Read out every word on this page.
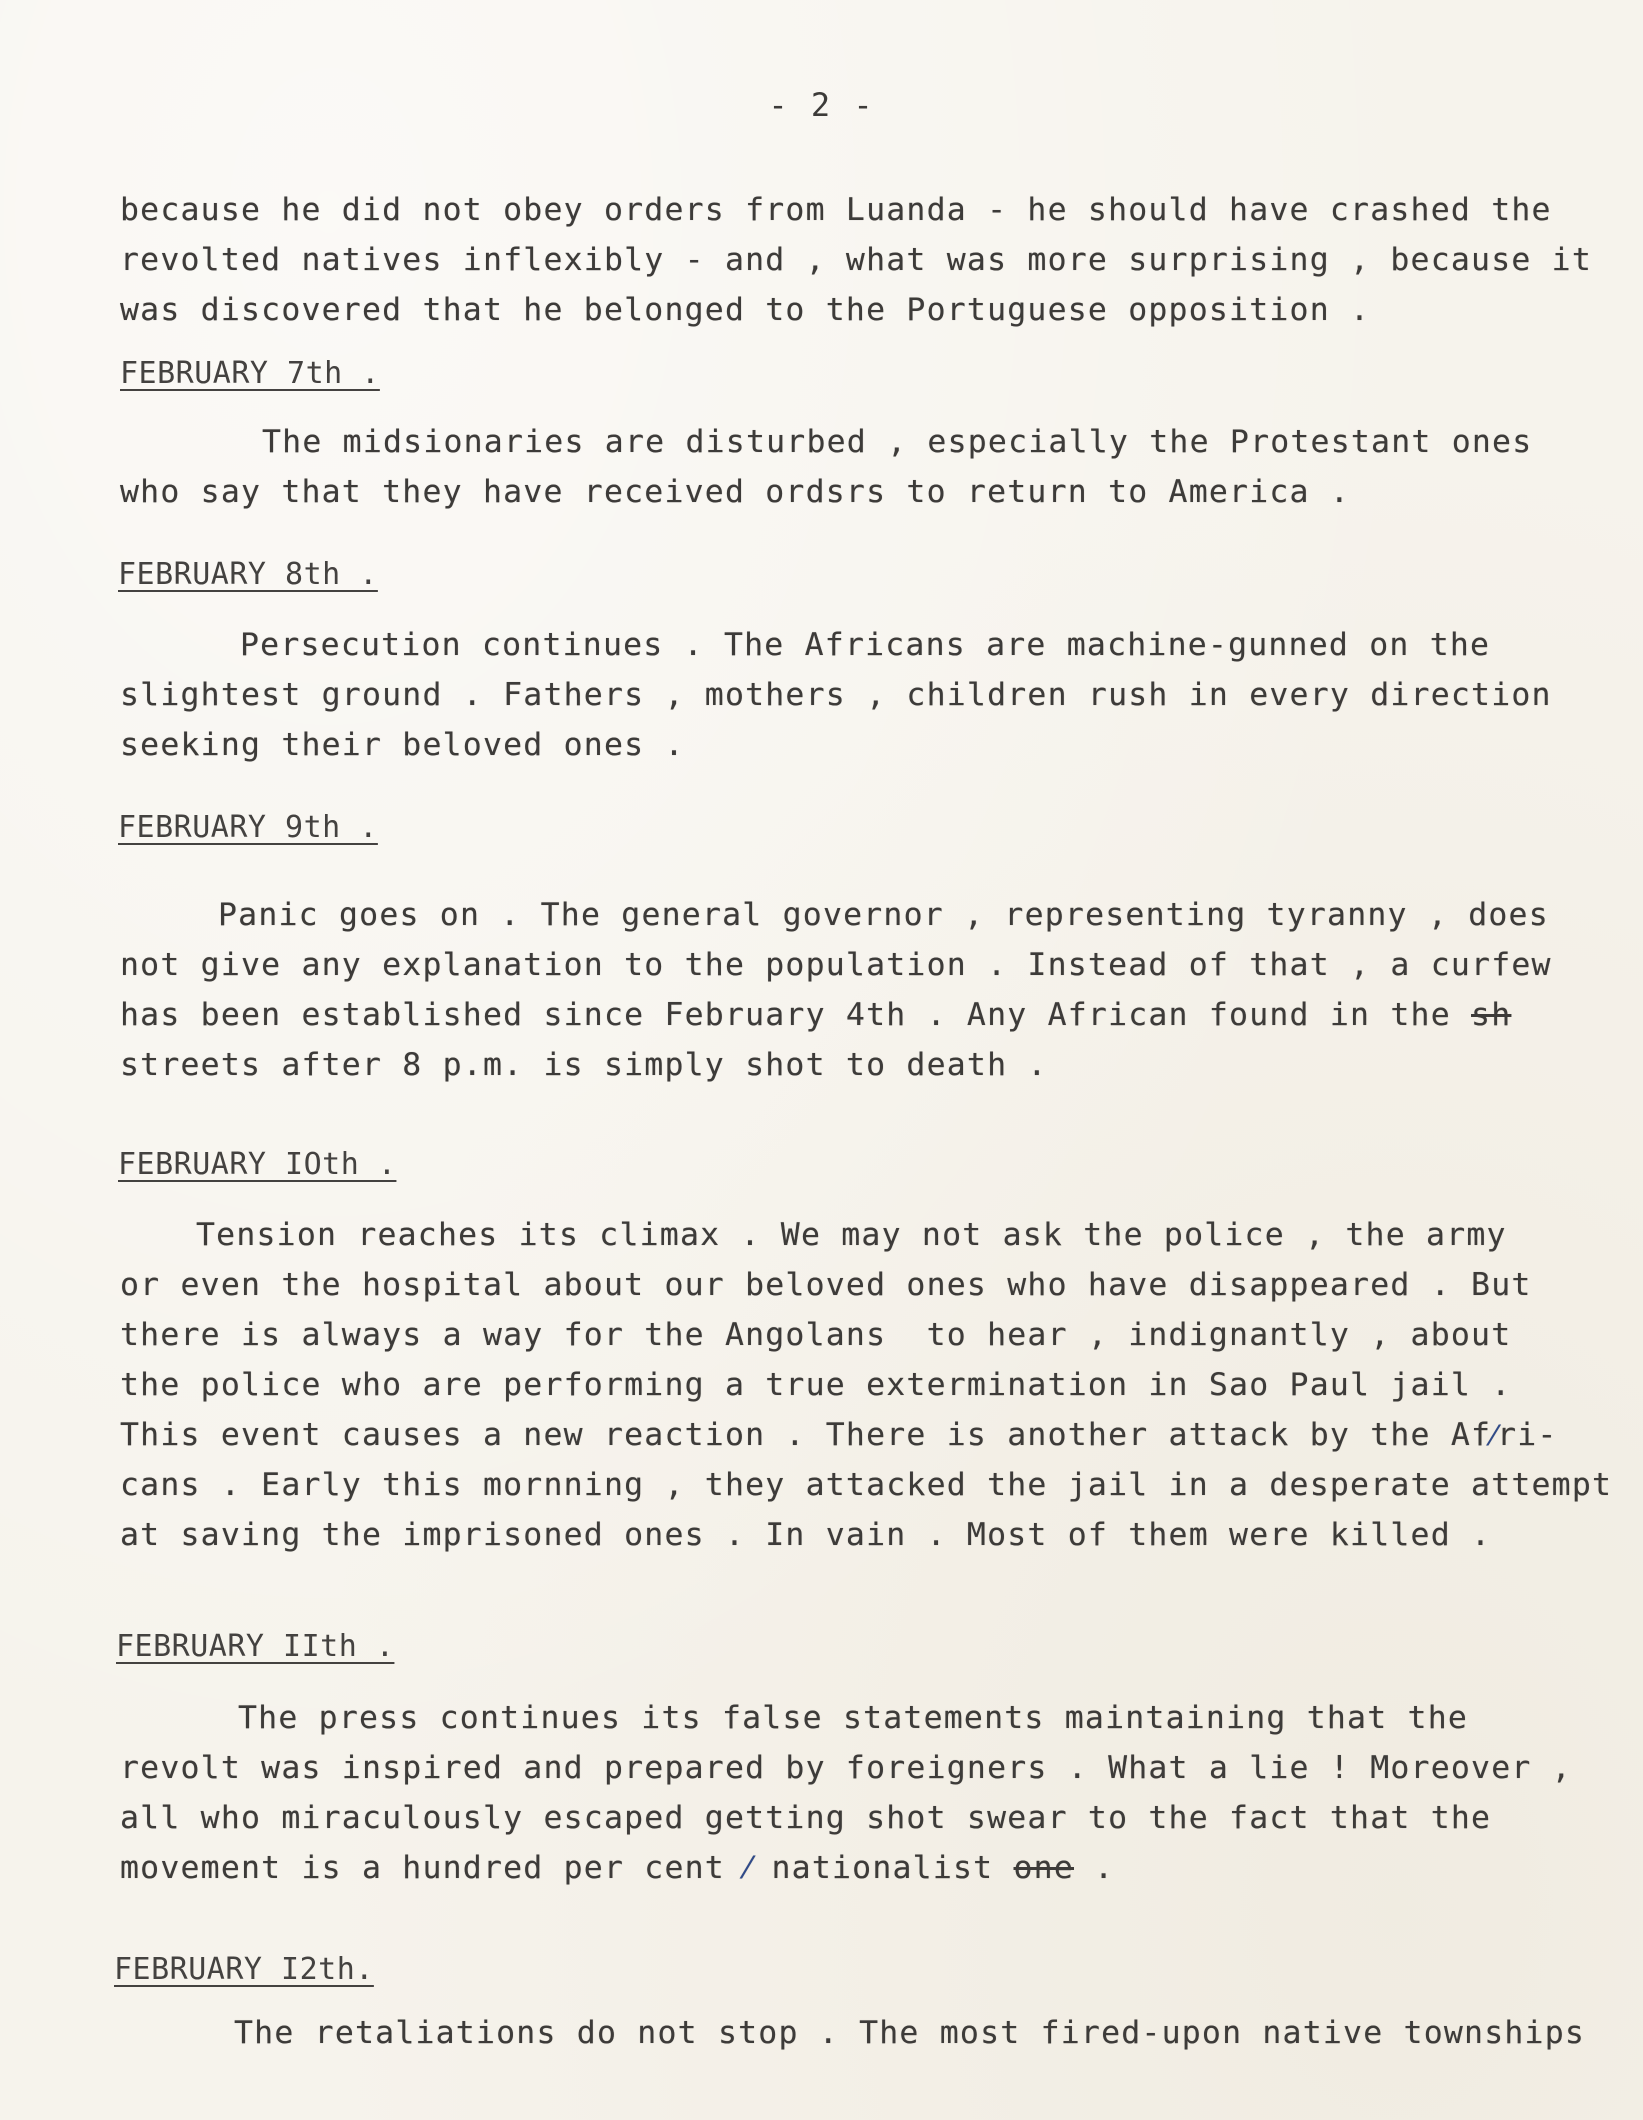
- 2 -
because he did not obey orders from Luanda - he should have crashed the
revolted natives inflexibly - and , what was more surprising , because it
was discovered that he belonged to the Portuguese opposition .
FEBRUARY 7th .
The midsionaries are disturbed , especially the Protestant ones
who say that they have received ordsrs to return to America .
FEBRUARY 8th .
Persecution continues . The Africans are machine-gunned on the
slightest ground . Fathers , mothers , children rush in every direction
seeking their beloved ones .
FEBRUARY 9th .
Panic goes on . The general governor , representing tyranny , does
not give any explanation to the population . Instead of that , a curfew
has been established since February 4th . Any African found in the sh
streets after 8 p.m. is simply shot to death .
FEBRUARY IOth .
Tension reaches its climax . We may not ask the police , the army
or even the hospital about our beloved ones who have disappeared . But
there is always a way for the Angolans  to hear , indignantly , about
the police who are performing a true extermination in Sao Paul jail .
This event causes a new reaction . There is another attack by the Af⁄ri-
cans . Early this mornning , they attacked the jail in a desperate attempt
at saving the imprisoned ones . In vain . Most of them were killed .
FEBRUARY IIth .
The press continues its false statements maintaining that the
revolt was inspired and prepared by foreigners . What a lie ! Moreover ,
all who miraculously escaped getting shot swear to the fact that the
movement is a hundred per cent ⁄ nationalist one .
FEBRUARY I2th.
The retaliations do not stop . The most fired-upon native townships
